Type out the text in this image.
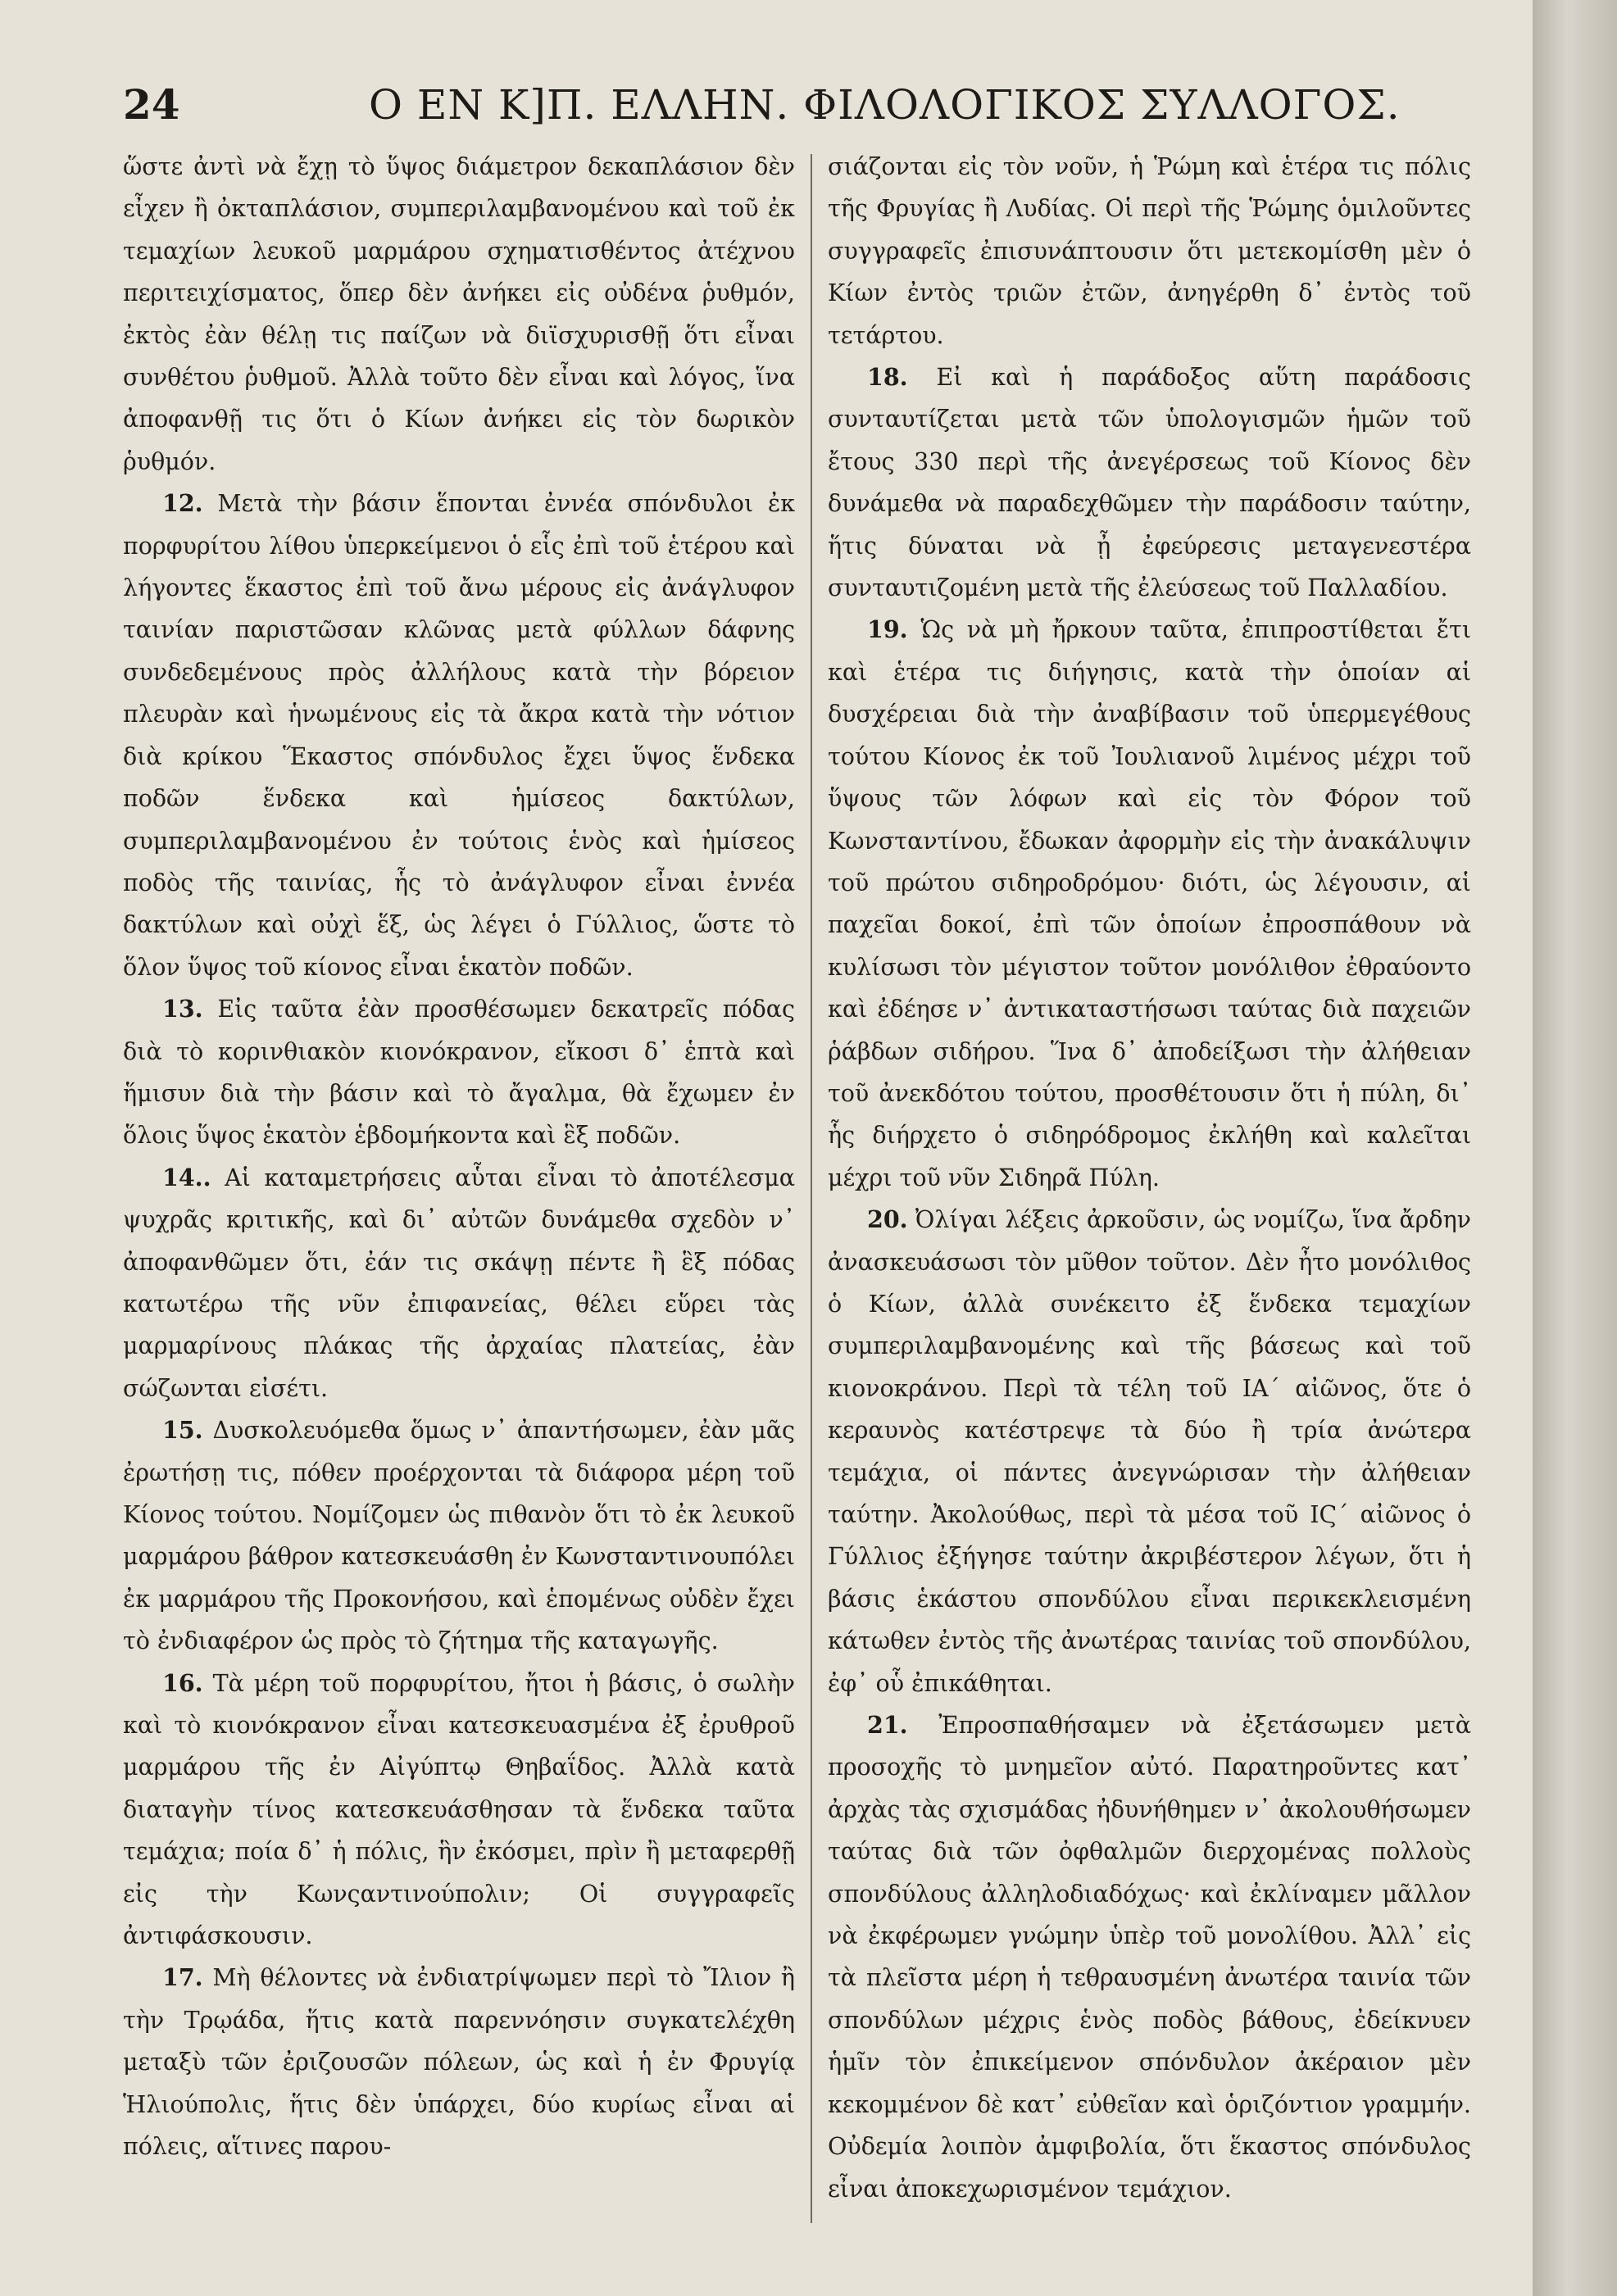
24	Ο ΕΝ Κ]Π. ΕΛΛΗΝ. ΦΙΛΟΛΟΓΙΚΟΣ ΣΥΛΛΟΓΟΣ.

ὥστε ἀντὶ νὰ ἔχῃ τὸ ὕψος διάμετρον δεκαπλάσιον δὲν εἶχεν ἢ ὀκταπλάσιον, συμπεριλαμβανομένου καὶ τοῦ ἐκ τεμαχίων λευκοῦ μαρμάρου σχηματισθέντος ἀτέχνου περιτειχίσματος, ὅπερ δὲν ἀνήκει εἰς οὐδένα ῥυθμόν, ἐκτὸς ἐὰν θέλῃ τις παίζων νὰ διϊσχυρισθῇ ὅτι εἶναι συνθέτου ῥυθμοῦ. Ἀλλὰ τοῦτο δὲν εἶναι καὶ λόγος, ἵνα ἀποφανθῇ τις ὅτι ὁ Κίων ἀνήκει εἰς τὸν δωρικὸν ῥυθμόν.

12. Μετὰ τὴν βάσιν ἕπονται ἐννέα σπόνδυλοι ἐκ πορφυρίτου λίθου ὑπερκείμενοι ὁ εἷς ἐπὶ τοῦ ἑτέρου καὶ λήγοντες ἕκαστος ἐπὶ τοῦ ἄνω μέρους εἰς ἀνάγλυφον ταινίαν παριστῶσαν κλῶνας μετὰ φύλλων δάφνης συνδεδεμένους πρὸς ἀλλήλους κατὰ τὴν βόρειον πλευρὰν καὶ ἡνωμένους εἰς τὰ ἄκρα κατὰ τὴν νότιον διὰ κρίκου Ἕκαστος σπόνδυλος ἔχει ὕψος ἕνδεκα ποδῶν ἕνδεκα καὶ ἡμίσεος δακτύλων, συμπεριλαμβανομένου ἐν τούτοις ἑνὸς καὶ ἡμίσεος ποδὸς τῆς ταινίας, ἧς τὸ ἀνάγλυφον εἶναι ἐννέα δακτύλων καὶ οὐχὶ ἕξ, ὡς λέγει ὁ Γύλλιος, ὥστε τὸ ὅλον ὕψος τοῦ κίονος εἶναι ἑκατὸν ποδῶν.

13. Εἰς ταῦτα ἐὰν προσθέσωμεν δεκατρεῖς πόδας διὰ τὸ κορινθιακὸν κιονόκρανον, εἴκοσι δ᾽ ἑπτὰ καὶ ἥμισυν διὰ τὴν βάσιν καὶ τὸ ἄγαλμα, θὰ ἔχωμεν ἐν ὅλοις ὕψος ἑκατὸν ἑβδομήκοντα καὶ ἓξ ποδῶν.

14.. Αἱ καταμετρήσεις αὗται εἶναι τὸ ἀποτέλεσμα ψυχρᾶς κριτικῆς, καὶ δι᾽ αὐτῶν δυνάμεθα σχεδὸν ν᾽ ἀποφανθῶμεν ὅτι, ἐάν τις σκάψῃ πέντε ἢ ἓξ πόδας κατωτέρω τῆς νῦν ἐπιφανείας, θέλει εὕρει τὰς μαρμαρίνους πλάκας τῆς ἀρχαίας πλατείας, ἐὰν σώζωνται εἰσέτι.

15. Δυσκολευόμεθα ὅμως ν᾽ ἀπαντήσωμεν, ἐὰν μᾶς ἐρωτήσῃ τις, πόθεν προέρχονται τὰ διάφορα μέρη τοῦ Κίονος τούτου. Νομίζομεν ὡς πιθανὸν ὅτι τὸ ἐκ λευκοῦ μαρμάρου βάθρον κατεσκευάσθη ἐν Κωνσταντινουπόλει ἐκ μαρμάρου τῆς Προκονήσου, καὶ ἑπομένως οὐδὲν ἔχει τὸ ἐνδιαφέρον ὡς πρὸς τὸ ζήτημα τῆς καταγωγῆς.

16. Τὰ μέρη τοῦ πορφυρίτου, ἤτοι ἡ βάσις, ὁ σωλὴν καὶ τὸ κιονόκρανον εἶναι κατεσκευασμένα ἐξ ἐρυθροῦ μαρμάρου τῆς ἐν Αἰγύπτῳ Θηβαΐδος. Ἀλλὰ κατὰ διαταγὴν τίνος κατεσκευάσθησαν τὰ ἕνδεκα ταῦτα τεμάχια; ποία δ᾽ ἡ πόλις, ἣν ἐκόσμει, πρὶν ἢ μεταφερθῇ εἰς τὴν Κωνςαντινούπολιν; Οἱ συγγραφεῖς ἀντιφάσκουσιν.

17. Μὴ θέλοντες νὰ ἐνδιατρίψωμεν περὶ τὸ Ἴλιον ἢ τὴν Τρῳάδα, ἥτις κατὰ παρεννόησιν συγκατελέχθη μεταξὺ τῶν ἐριζουσῶν πόλεων, ὡς καὶ ἡ ἐν Φρυγίᾳ Ἡλιούπολις, ἥτις δὲν ὑπάρχει, δύο κυρίως εἶναι αἱ πόλεις, αἵτινες παρου-

σιάζονται εἰς τὸν νοῦν, ἡ Ῥώμη καὶ ἑτέρα τις πόλις τῆς Φρυγίας ἢ Λυδίας. Οἱ περὶ τῆς Ῥώμης ὁμιλοῦντες συγγραφεῖς ἐπισυνάπτουσιν ὅτι μετεκομίσθη μὲν ὁ Κίων ἐντὸς τριῶν ἐτῶν, ἀνηγέρθη δ᾽ ἐντὸς τοῦ τετάρτου.

18. Εἰ καὶ ἡ παράδοξος αὕτη παράδοσις συνταυτίζεται μετὰ τῶν ὑπολογισμῶν ἡμῶν τοῦ ἔτους 330 περὶ τῆς ἀνεγέρσεως τοῦ Κίονος δὲν δυνάμεθα νὰ παραδεχθῶμεν τὴν παράδοσιν ταύτην, ἥτις δύναται νὰ ᾖ ἐφεύρεσις μεταγενεστέρα συνταυτιζομένη μετὰ τῆς ἐλεύσεως τοῦ Παλλαδίου.

19. Ὡς νὰ μὴ ἤρκουν ταῦτα, ἐπιπροστίθεται ἔτι καὶ ἑτέρα τις διήγησις, κατὰ τὴν ὁποίαν αἱ δυσχέρειαι διὰ τὴν ἀναβίβασιν τοῦ ὑπερμεγέθους τούτου Κίονος ἐκ τοῦ Ἰουλιανοῦ λιμένος μέχρι τοῦ ὕψους τῶν λόφων καὶ εἰς τὸν Φόρον τοῦ Κωνσταντίνου, ἔδωκαν ἀφορμὴν εἰς τὴν ἀνακάλυψιν τοῦ πρώτου σιδηροδρόμου· διότι, ὡς λέγουσιν, αἱ παχεῖαι δοκοί, ἐπὶ τῶν ὁποίων ἐπροσπάθουν νὰ κυλίσωσι τὸν μέγιστον τοῦτον μονόλιθον ἐθραύοντο καὶ ἐδέησε ν᾽ ἀντικαταστήσωσι ταύτας διὰ παχειῶν ῥάβδων σιδήρου. Ἵνα δ᾽ ἀποδείξωσι τὴν ἀλήθειαν τοῦ ἀνεκδότου τούτου, προσθέτουσιν ὅτι ἡ πύλη, δι᾽ ἧς διήρχετο ὁ σιδηρόδρομος ἐκλήθη καὶ καλεῖται μέχρι τοῦ νῦν Σιδηρᾶ Πύλη.

20. Ὀλίγαι λέξεις ἀρκοῦσιν, ὡς νομίζω, ἵνα ἄρδην ἀνασκευάσωσι τὸν μῦθον τοῦτον. Δὲν ἦτο μονόλιθος ὁ Κίων, ἀλλὰ συνέκειτο ἐξ ἕνδεκα τεμαχίων συμπεριλαμβανομένης καὶ τῆς βάσεως καὶ τοῦ κιονοκράνου. Περὶ τὰ τέλη τοῦ ΙΑ΄ αἰῶνος, ὅτε ὁ κεραυνὸς κατέστρεψε τὰ δύο ἢ τρία ἀνώτερα τεμάχια, οἱ πάντες ἀνεγνώρισαν τὴν ἀλήθειαν ταύτην. Ἀκολούθως, περὶ τὰ μέσα τοῦ ΙϚ΄ αἰῶνος ὁ Γύλλιος ἐξήγησε ταύτην ἀκριβέστερον λέγων, ὅτι ἡ βάσις ἑκάστου σπονδύλου εἶναι περικεκλεισμένη κάτωθεν ἐντὸς τῆς ἀνωτέρας ταινίας τοῦ σπονδύλου, ἐφ᾽ οὗ ἐπικάθηται.

21. Ἐπροσπαθήσαμεν νὰ ἐξετάσωμεν μετὰ προσοχῆς τὸ μνημεῖον αὐτό. Παρατηροῦντες κατ᾽ ἀρχὰς τὰς σχισμάδας ἠδυνήθημεν ν᾽ ἀκολουθήσωμεν ταύτας διὰ τῶν ὀφθαλμῶν διερχομένας πολλοὺς σπονδύλους ἀλληλοδιαδόχως· καὶ ἐκλίναμεν μᾶλλον νὰ ἐκφέρωμεν γνώμην ὑπὲρ τοῦ μονολίθου. Ἀλλ᾽ εἰς τὰ πλεῖστα μέρη ἡ τεθραυσμένη ἀνωτέρα ταινία τῶν σπονδύλων μέχρις ἑνὸς ποδὸς βάθους, ἐδείκνυεν ἡμῖν τὸν ἐπικείμενον σπόνδυλον ἀκέραιον μὲν κεκομμένον δὲ κατ᾽ εὐθεῖαν καὶ ὁριζόντιον γραμμήν. Οὐδεμία λοιπὸν ἀμφιβολία, ὅτι ἕκαστος σπόνδυλος εἶναι ἀποκεχωρισμένον τεμάχιον.
